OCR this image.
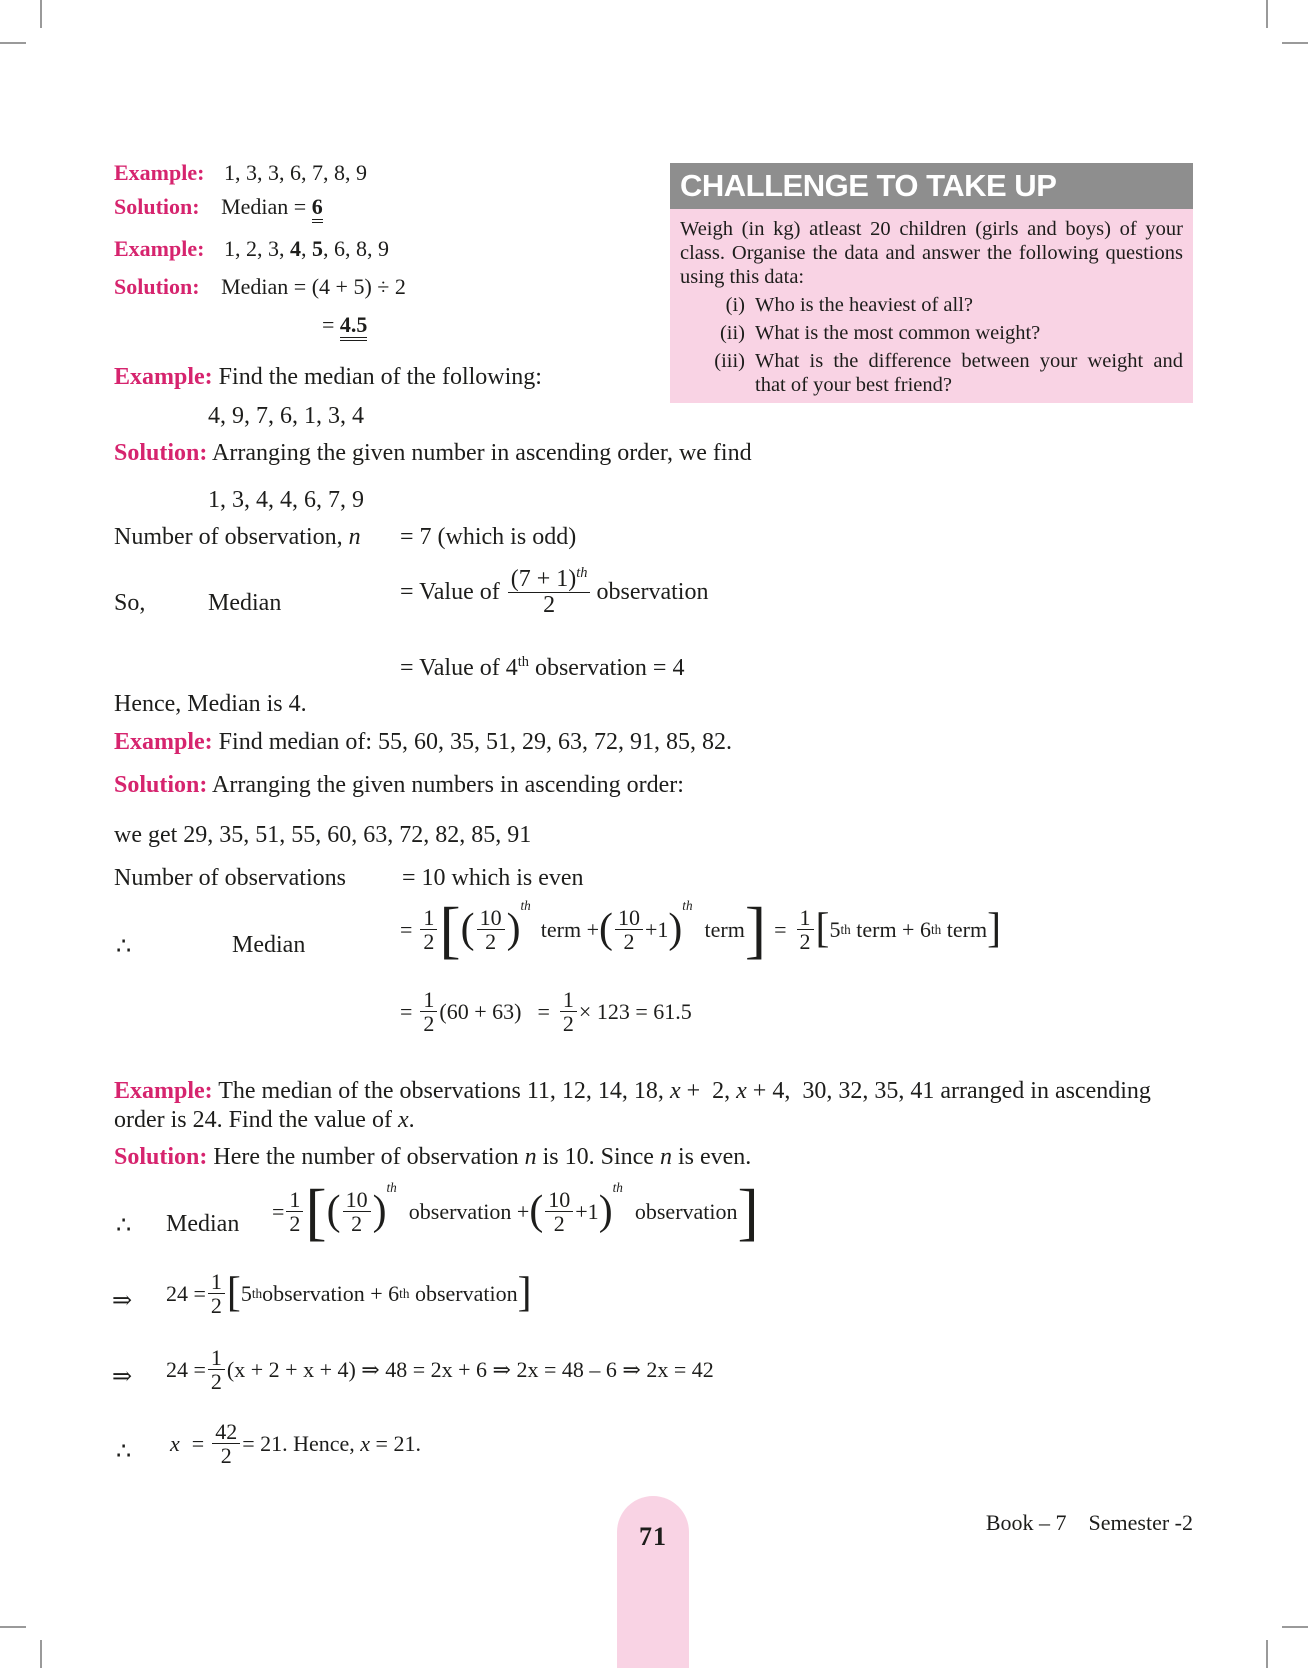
Example: 1, 3, 3, 6, 7, 8, 9
Solution: Median = 6
Example: 1, 2, 3, 4, 5, 6, 8, 9
Solution: Median = (4 + 5) ÷ 2
= 4.5
CHALLENGE TO TAKE UP
Weigh (in kg) atleast 20 children (girls and boys) of your class. Organise the data and answer the following questions using this data:
(i) Who is the heaviest of all?
(ii) What is the most common weight?
(iii) What is the difference between your weight and that of your best friend?
Example: Find the median of the following:
4, 9, 7, 6, 1, 3, 4
Solution: Arranging the given number in ascending order, we find
1, 3, 4, 4, 6, 7, 9
Number of observation, n = 7 (which is odd)
So,	Median	= Value of $\frac{(7 + 1)^{th}}{2}$ observation
= Value of 4th observation = 4
Hence, Median is 4.
Example: Find median of: 55, 60, 35, 51, 29, 63, 72, 91, 85, 82.
Solution: Arranging the given numbers in ascending order:
we get 29, 35, 51, 55, 60, 63, 72, 82, 85, 91
Number of observations = 10 which is even
∴	Median
= $\frac{1}{2}$ [ ( $\frac{10}{2}$ )
$^{th}$
term + ( $\frac{10}{2} +1$ )
$^{th}$
term ] = $\frac{1}{2}$ [ 5 th term + 6 th term ]
= $\frac{1}{2} (60 + 63) = \frac{1}{2} \times 123 = 61.5$
Example: The median of the observations 11, 12, 14, 18, x +  2, x + 4,  30, 32, 35, 41 arranged in ascending
order is 24. Find the value of x.
Solution: Here the number of observation n is 10. Since n is even.
∴ Median = $\frac{1}{2}$ [ ( $\frac{10}{2}$ )
$^{th}$
observation + ( $\frac{10}{2} +1$ )
$^{th}$
observation ]
⇒ $24 = \frac{1}{2}$ [ 5 th observation + 6 th observation ]
⇒ $24 = \frac{1}{2} (x + 2 + x + 4)$ ⇒ 48 = 2x + 6 ⇒ 2x = 48 – 6 ⇒ 2x = 42
∴ $x = \frac{42}{2} = 21$. Hence, x = 21.
71	Book – 7    Semester -2
